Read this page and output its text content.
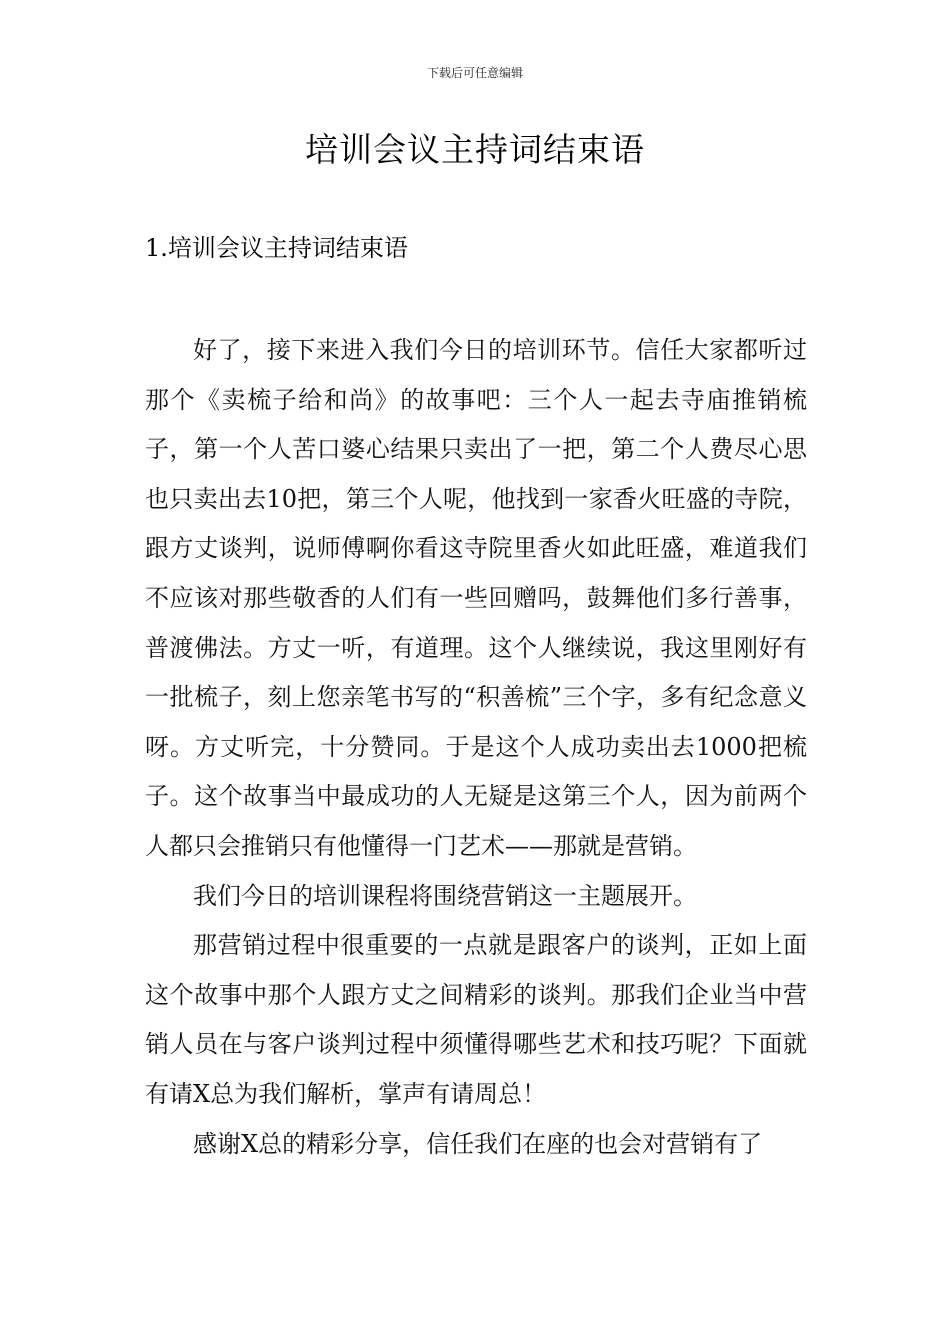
下载后可任意编辑
培训会议主持词结束语
1.培训会议主持词结束语

好了，接下来进入我们今日的培训环节。信任大家都听过那个《卖梳子给和尚》的故事吧：三个人一起去寺庙推销梳子，第一个人苦口婆心结果只卖出了一把，第二个人费尽心思也只卖出去10把，第三个人呢，他找到一家香火旺盛的寺院，跟方丈谈判，说师傅啊你看这寺院里香火如此旺盛，难道我们不应该对那些敬香的人们有一些回赠吗，鼓舞他们多行善事，普渡佛法。方丈一听，有道理。这个人继续说，我这里刚好有一批梳子，刻上您亲笔书写的“积善梳”三个字，多有纪念意义呀。方丈听完，十分赞同。于是这个人成功卖出去1000把梳子。这个故事当中最成功的人无疑是这第三个人，因为前两个人都只会推销只有他懂得一门艺术——那就是营销。

我们今日的培训课程将围绕营销这一主题展开。

那营销过程中很重要的一点就是跟客户的谈判，正如上面这个故事中那个人跟方丈之间精彩的谈判。那我们企业当中营销人员在与客户谈判过程中须懂得哪些艺术和技巧呢？下面就有请X总为我们解析，掌声有请周总！

感谢X总的精彩分享，信任我们在座的也会对营销有了
